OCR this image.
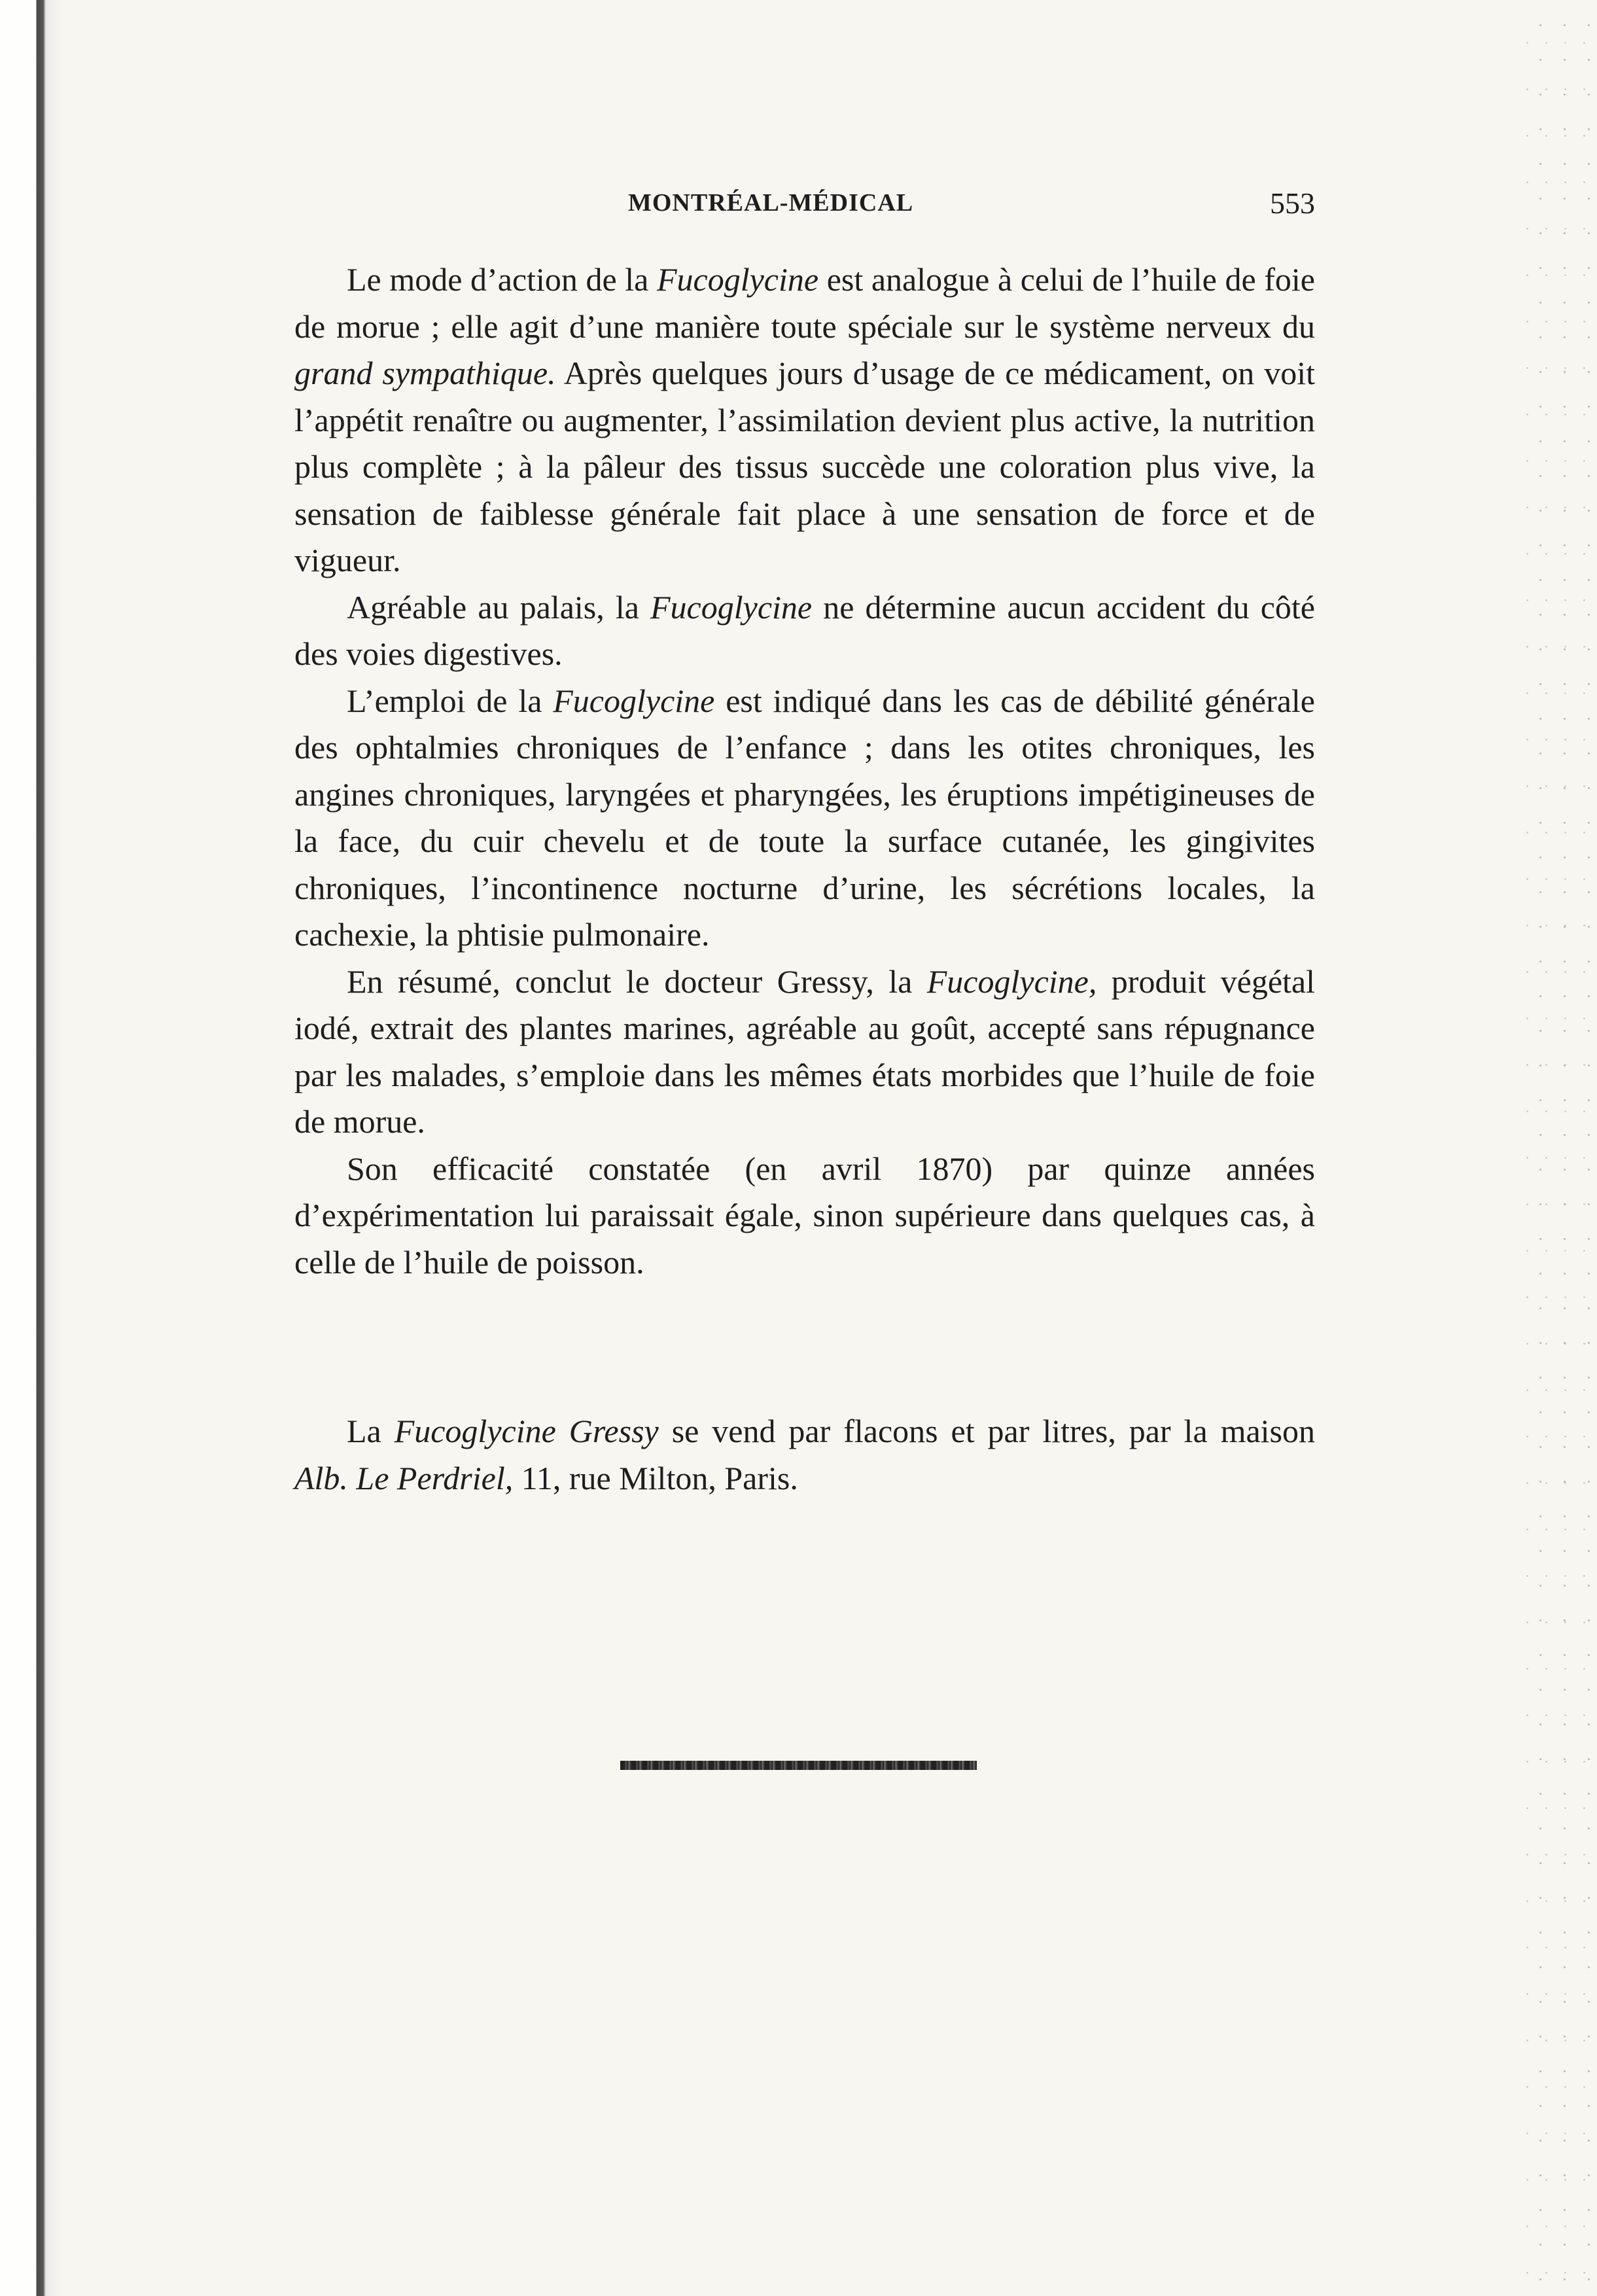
MONTRÉAL-MÉDICAL	553

Le mode d’action de la Fucoglycine est analogue à celui de l’huile de foie de morue ; elle agit d’une manière toute spéciale sur le système nerveux du grand sympathique. Après quelques jours d’usage de ce médicament, on voit l’appétit renaître ou augmenter, l’assimilation devient plus active, la nutrition plus complète ; à la pâleur des tissus succède une coloration plus vive, la sensation de faiblesse générale fait place à une sensation de force et de vigueur.

Agréable au palais, la Fucoglycine ne détermine aucun accident du côté des voies digestives.

L’emploi de la Fucoglycine est indiqué dans les cas de débilité générale des ophtalmies chroniques de l’enfance ; dans les otites chroniques, les angines chroniques, laryngées et pharyngées, les éruptions impétigineuses de la face, du cuir chevelu et de toute la surface cutanée, les gingivites chroniques, l’incontinence nocturne d’urine, les sécrétions locales, la cachexie, la phtisie pulmonaire.

En résumé, conclut le docteur Gressy, la Fucoglycine, produit végétal iodé, extrait des plantes marines, agréable au goût, accepté sans répugnance par les malades, s’emploie dans les mêmes états morbides que l’huile de foie de morue.

Son efficacité constatée (en avril 1870) par quinze années d’expérimentation lui paraissait égale, sinon supérieure dans quelques cas, à celle de l’huile de poisson.

La Fucoglycine Gressy se vend par flacons et par litres, par la maison Alb. Le Perdriel, 11, rue Milton, Paris.
